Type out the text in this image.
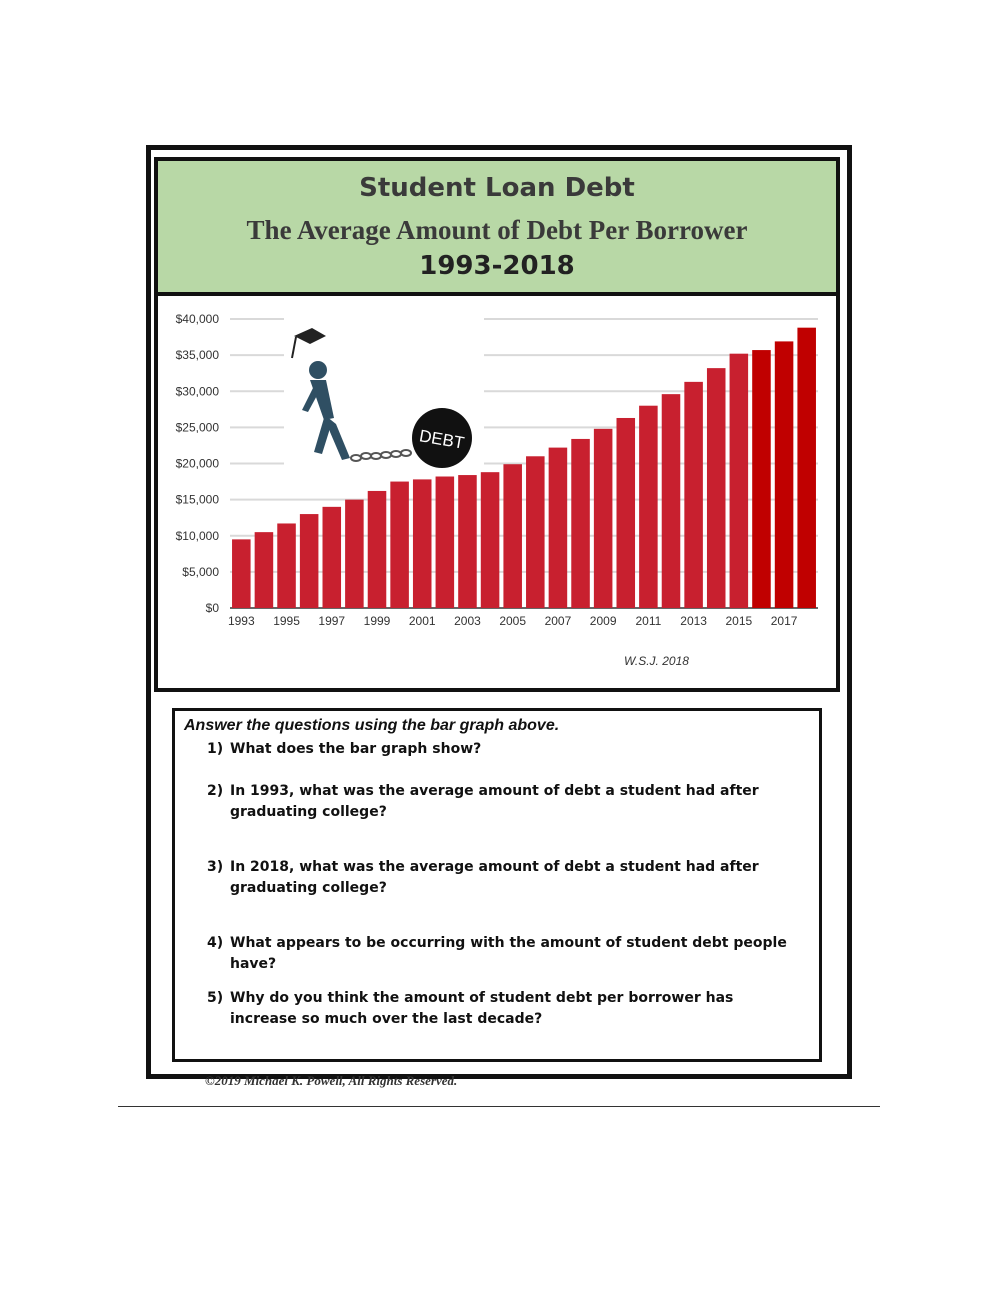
Student Loan Debt
The Average Amount of Debt Per Borrower
1993-2018
$0
$5,000
$10,000
$15,000
$20,000
$25,000
$30,000
$35,000
$40,000
1993 1995 1997 1999 2001 2003 2005 2007 2009 2011 2013 2015 2017
DEBT
W.S.J. 2018
Answer the questions using the bar graph above.
1) What does the bar graph show?
2) In 1993, what was the average amount of debt a student had after graduating college?
3) In 2018, what was the average amount of debt a student had after graduating college?
4) What appears to be occurring with the amount of student debt people have?
5) Why do you think the amount of student debt per borrower has increase so much over the last decade?
©2019 Michael K. Powell, All Rights Reserved.
